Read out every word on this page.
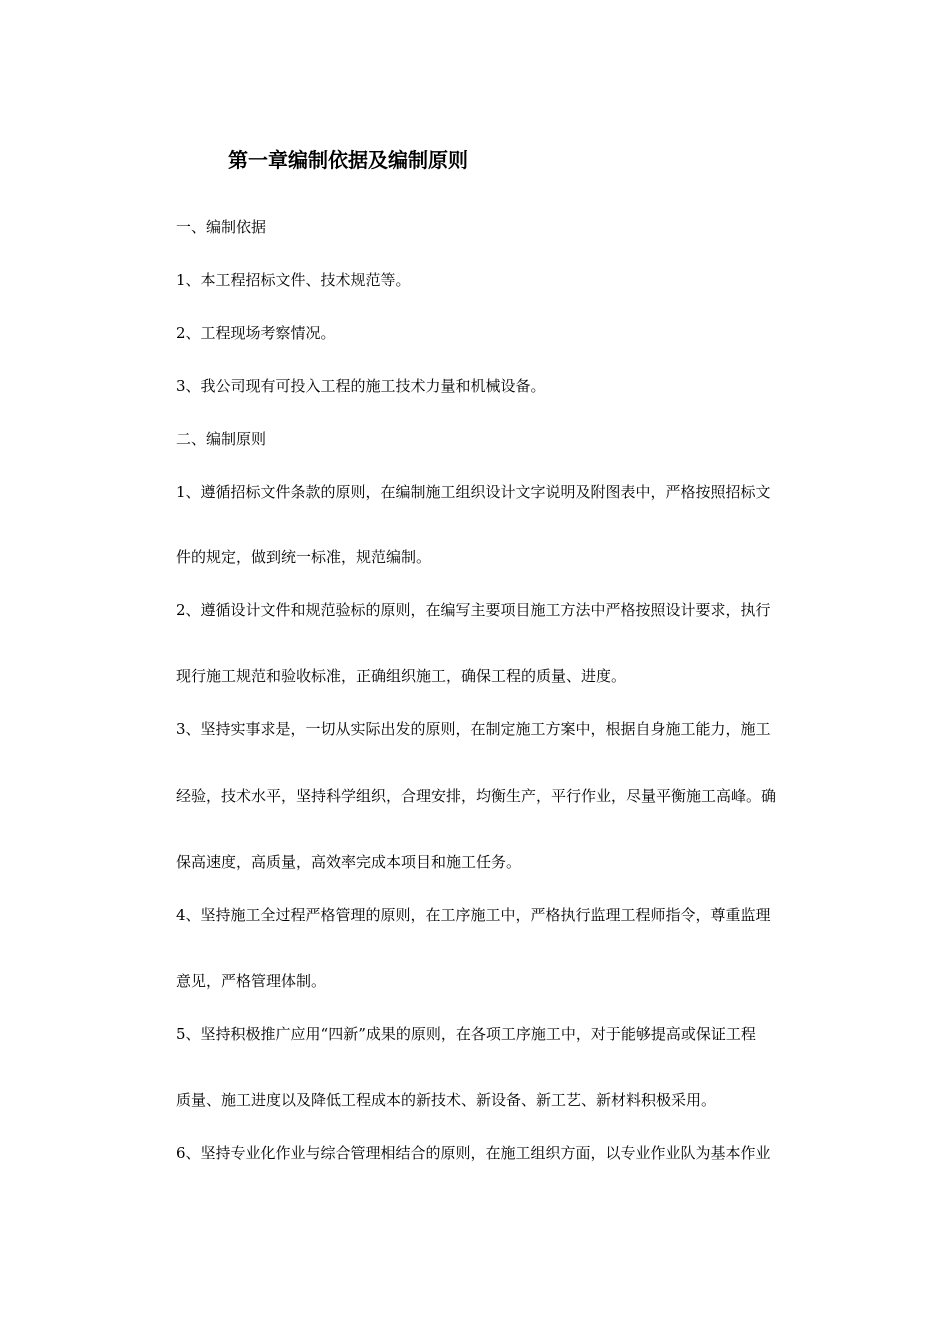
第一章编制依据及编制原则
一、编制依据
1、本工程招标文件、技术规范等。
2、工程现场考察情况。
3、我公司现有可投入工程的施工技术力量和机械设备。
二、编制原则
1、遵循招标文件条款的原则，在编制施工组织设计文字说明及附图表中，严格按照招标文
件的规定，做到统一标准，规范编制。
2、遵循设计文件和规范验标的原则，在编写主要项目施工方法中严格按照设计要求，执行
现行施工规范和验收标准，正确组织施工，确保工程的质量、进度。
3、坚持实事求是，一切从实际出发的原则，在制定施工方案中，根据自身施工能力，施工
经验，技术水平，坚持科学组织，合理安排，均衡生产，平行作业，尽量平衡施工高峰。确
保高速度，高质量，高效率完成本项目和施工任务。
4、坚持施工全过程严格管理的原则，在工序施工中，严格执行监理工程师指令，尊重监理
意见，严格管理体制。
5、坚持积极推广应用“四新”成果的原则，在各项工序施工中，对于能够提高或保证工程
质量、施工进度以及降低工程成本的新技术、新设备、新工艺、新材料积极采用。
6、坚持专业化作业与综合管理相结合的原则，在施工组织方面，以专业作业队为基本作业
